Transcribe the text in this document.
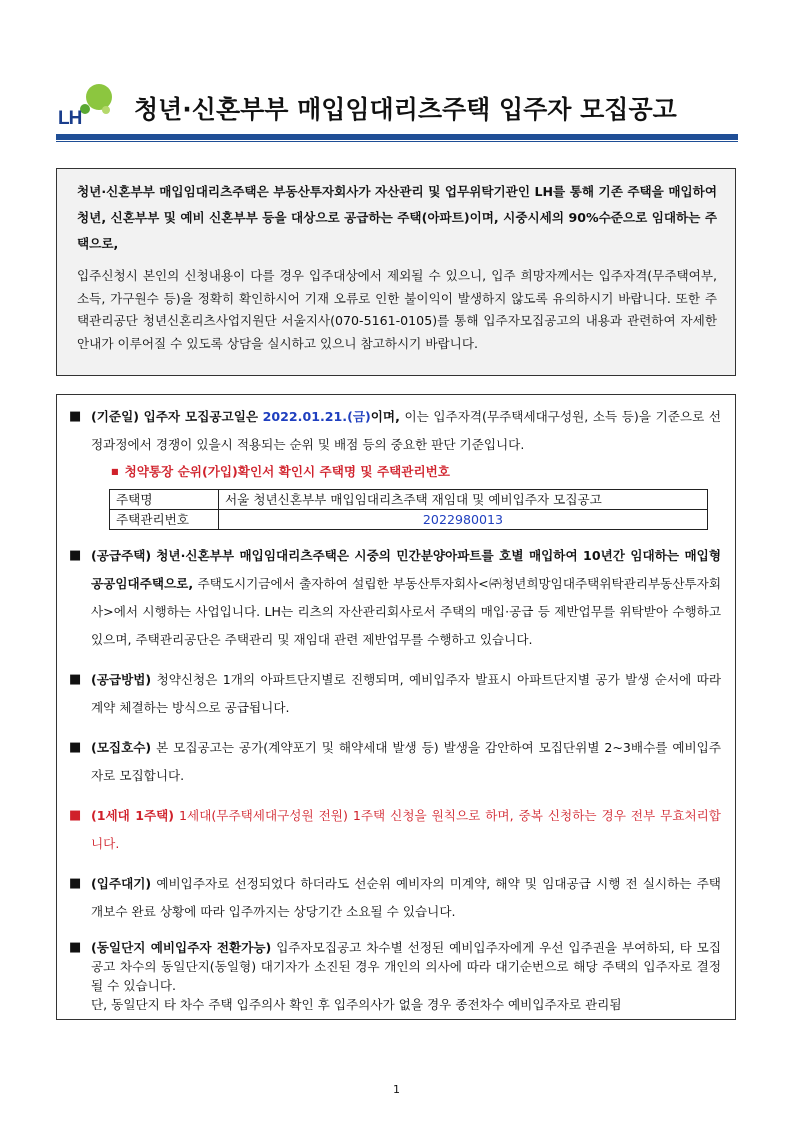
LH 청년·신혼부부 매입임대리츠주택 입주자 모집공고

청년·신혼부부 매입임대리츠주택은 부동산투자회사가 자산관리 및 업무위탁기관인 LH를 통해 기존 주택을 매입하여 청년, 신혼부부 및 예비 신혼부부 등을 대상으로 공급하는 주택(아파트)이며, 시중시세의 90%수준으로 임대하는 주택으로,

입주신청시 본인의 신청내용이 다를 경우 입주대상에서 제외될 수 있으니, 입주 희망자께서는 입주자격(무주택여부, 소득, 가구원수 등)을 정확히 확인하시어 기재 오류로 인한 불이익이 발생하지 않도록 유의하시기 바랍니다. 또한 주택관리공단 청년신혼리츠사업지원단 서울지사(070-5161-0105)를 통해 입주자모집공고의 내용과 관련하여 자세한 안내가 이루어질 수 있도록 상담을 실시하고 있으니 참고하시기 바랍니다.

■ (기준일) 입주자 모집공고일은 2022.01.21.(금)이며, 이는 입주자격(무주택세대구성원, 소득 등)을 기준으로 선정과정에서 경쟁이 있을시 적용되는 순위 및 배점 등의 중요한 판단 기준입니다.
■ 청약통장 순위(가입)확인서 확인시 주택명 및 주택관리번호
주택명	서울 청년신혼부부 매입임대리츠주택 재임대 및 예비입주자 모집공고
주택관리번호	2022980013
■ (공급주택) 청년·신혼부부 매입임대리츠주택은 시중의 민간분양아파트를 호별 매입하여 10년간 임대하는 매입형 공공임대주택으로, 주택도시기금에서 출자하여 설립한 부동산투자회사<㈜청년희망임대주택위탁관리부동산투자회사>에서 시행하는 사업입니다. LH는 리츠의 자산관리회사로서 주택의 매입·공급 등 제반업무를 위탁받아 수행하고 있으며, 주택관리공단은 주택관리 및 재임대 관련 제반업무를 수행하고 있습니다.
■ (공급방법) 청약신청은 1개의 아파트단지별로 진행되며, 예비입주자 발표시 아파트단지별 공가 발생 순서에 따라 계약 체결하는 방식으로 공급됩니다.
■ (모집호수) 본 모집공고는 공가(계약포기 및 해약세대 발생 등) 발생을 감안하여 모집단위별 2~3배수를 예비입주자로 모집합니다.
■ (1세대 1주택) 1세대(무주택세대구성원 전원) 1주택 신청을 원칙으로 하며, 중복 신청하는 경우 전부 무효처리합니다.
■ (입주대기) 예비입주자로 선정되었다 하더라도 선순위 예비자의 미계약, 해약 및 임대공급 시행 전 실시하는 주택 개보수 완료 상황에 따라 입주까지는 상당기간 소요될 수 있습니다.
■ (동일단지 예비입주자 전환가능) 입주자모집공고 차수별 선정된 예비입주자에게 우선 입주권을 부여하되, 타 모집공고 차수의 동일단지(동일형) 대기자가 소진된 경우 개인의 의사에 따라 대기순번으로 해당 주택의 입주자로 결정될 수 있습니다.
단, 동일단지 타 차수 주택 입주의사 확인 후 입주의사가 없을 경우 종전차수 예비입주자로 관리됨
1
